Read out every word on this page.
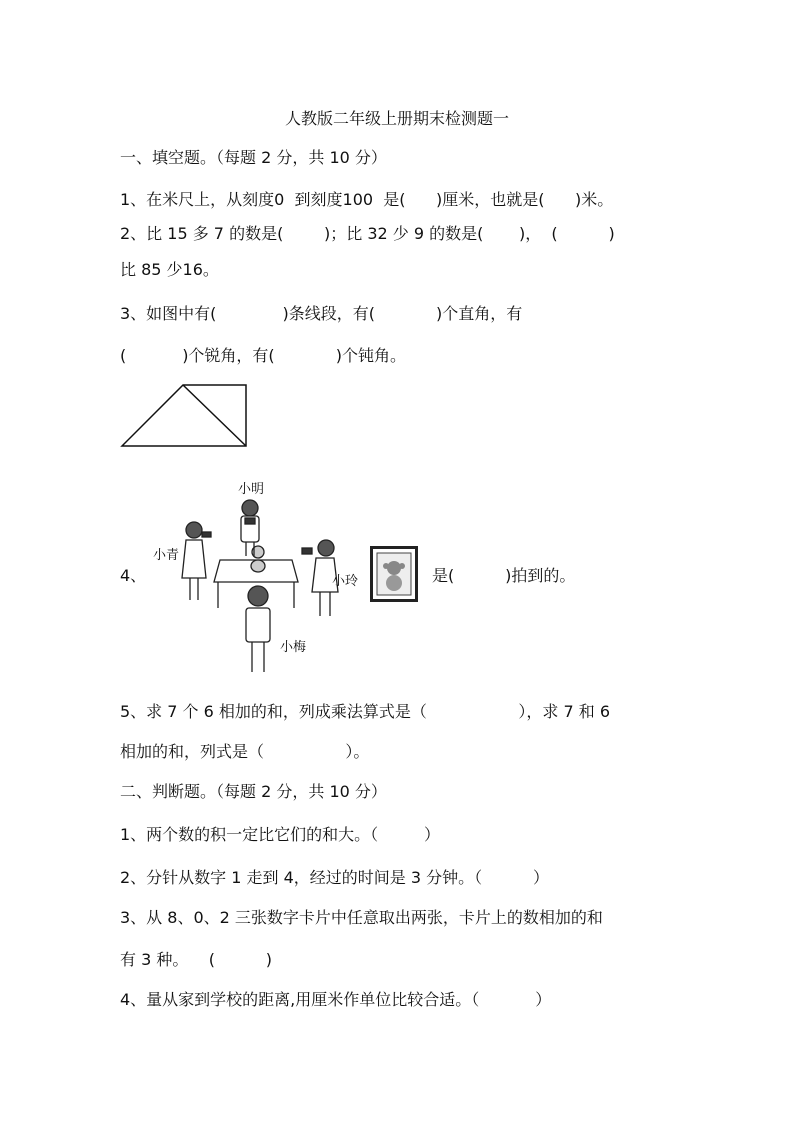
人教版二年级上册期末检测题一
一、填空题。（每题 2 分，共 10 分）
1、在米尺上，从刻度0  到刻度100  是(      )厘米，也就是(      )米。
2、比 15 多 7 的数是(        )；比 32 少 9 的数是(       )，  (          )
比 85 少16。
3、如图中有(             )条线段，有(            )个直角，有
(           )个锐角，有(            )个钝角。
4、
小明
小青
小玲
小梅
是(          )拍到的。
5、求 7 个 6 相加的和，列成乘法算式是（                  ），求 7 和 6
相加的和，列式是（                ）。
二、判断题。（每题 2 分，共 10 分）
1、两个数的积一定比它们的和大。（         ）
2、分针从数字 1 走到 4，经过的时间是 3 分钟。（          ）
3、从 8、0、2 三张数字卡片中任意取出两张，卡片上的数相加的和
有 3 种。    (          )
4、量从家到学校的距离,用厘米作单位比较合适。（           ）
